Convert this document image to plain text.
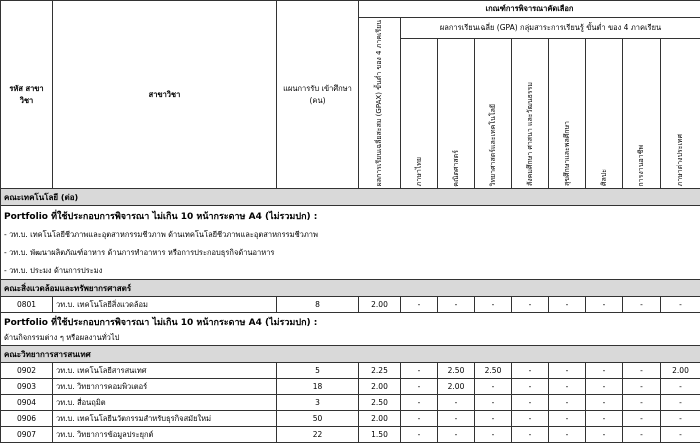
รหัส สาขาวิชา	สาขาวิชา	แผนการรับ เข้าศึกษา (คน)	เกณฑ์การพิจารณาคัดเลือก								

			ผลการเรียนเฉลี่ยสะสม (GPAX) ขั้นต่ำ ของ 4 ภาคเรียน	ผลการเรียนเฉลี่ย (GPA) กลุ่มสาระการเรียนรู้ ขั้นต่ำ ของ 4 ภาคเรียน							

				ภาษาไทย	คณิตศาสตร์	วิทยาศาสตร์และเทคโนโลยี	สังคมศึกษา ศาสนา และวัฒนธรรม	สุขศึกษาและพลศึกษา	ศิลปะ	การงานอาชีพ	ภาษาต่างประเทศ

คณะเทคโนโลยี (ต่อ)											
Portfolio ที่ใช้ประกอบการพิจารณา ไม่เกิน 10 หน้ากระดาษ A4 (ไม่รวมปก) :											
- วท.บ. เทคโนโลยีชีวภาพและอุตสาหกรรมชีวภาพ ด้านเทคโนโลยีชีวภาพและอุตสาหกรรมชีวภาพ											
- วท.บ. พัฒนาผลิตภัณฑ์อาหาร ด้านการทำอาหาร หรือการประกอบธุรกิจด้านอาหาร											
- วท.บ. ประมง ด้านการประมง											
คณะสิ่งแวดล้อมและทรัพยากรศาสตร์											
0801	วท.บ. เทคโนโลยีสิ่งแวดล้อม	8	2.00	-	-	-	-	-	-	-	-
Portfolio ที่ใช้ประกอบการพิจารณา ไม่เกิน 10 หน้ากระดาษ A4 (ไม่รวมปก) :											
ด้านกิจกรรมต่าง ๆ หรือผลงานทั่วไป											
คณะวิทยาการสารสนเทศ											
0902	วท.บ. เทคโนโลยีสารสนเทศ	5	2.25	-	2.50	2.50	-	-	-	-	2.00
0903	วท.บ. วิทยาการคอมพิวเตอร์	18	2.00	-	2.00	-	-	-	-	-	-
0904	วท.บ. สื่อนฤมิต	3	2.50	-	-	-	-	-	-	-	-
0906	วท.บ. เทคโนโลยีนวัตกรรมสำหรับธุรกิจสมัยใหม่	50	2.00	-	-	-	-	-	-	-	-
0907	วท.บ. วิทยาการข้อมูลประยุกต์	22	1.50	-	-	-	-	-	-	-	-
